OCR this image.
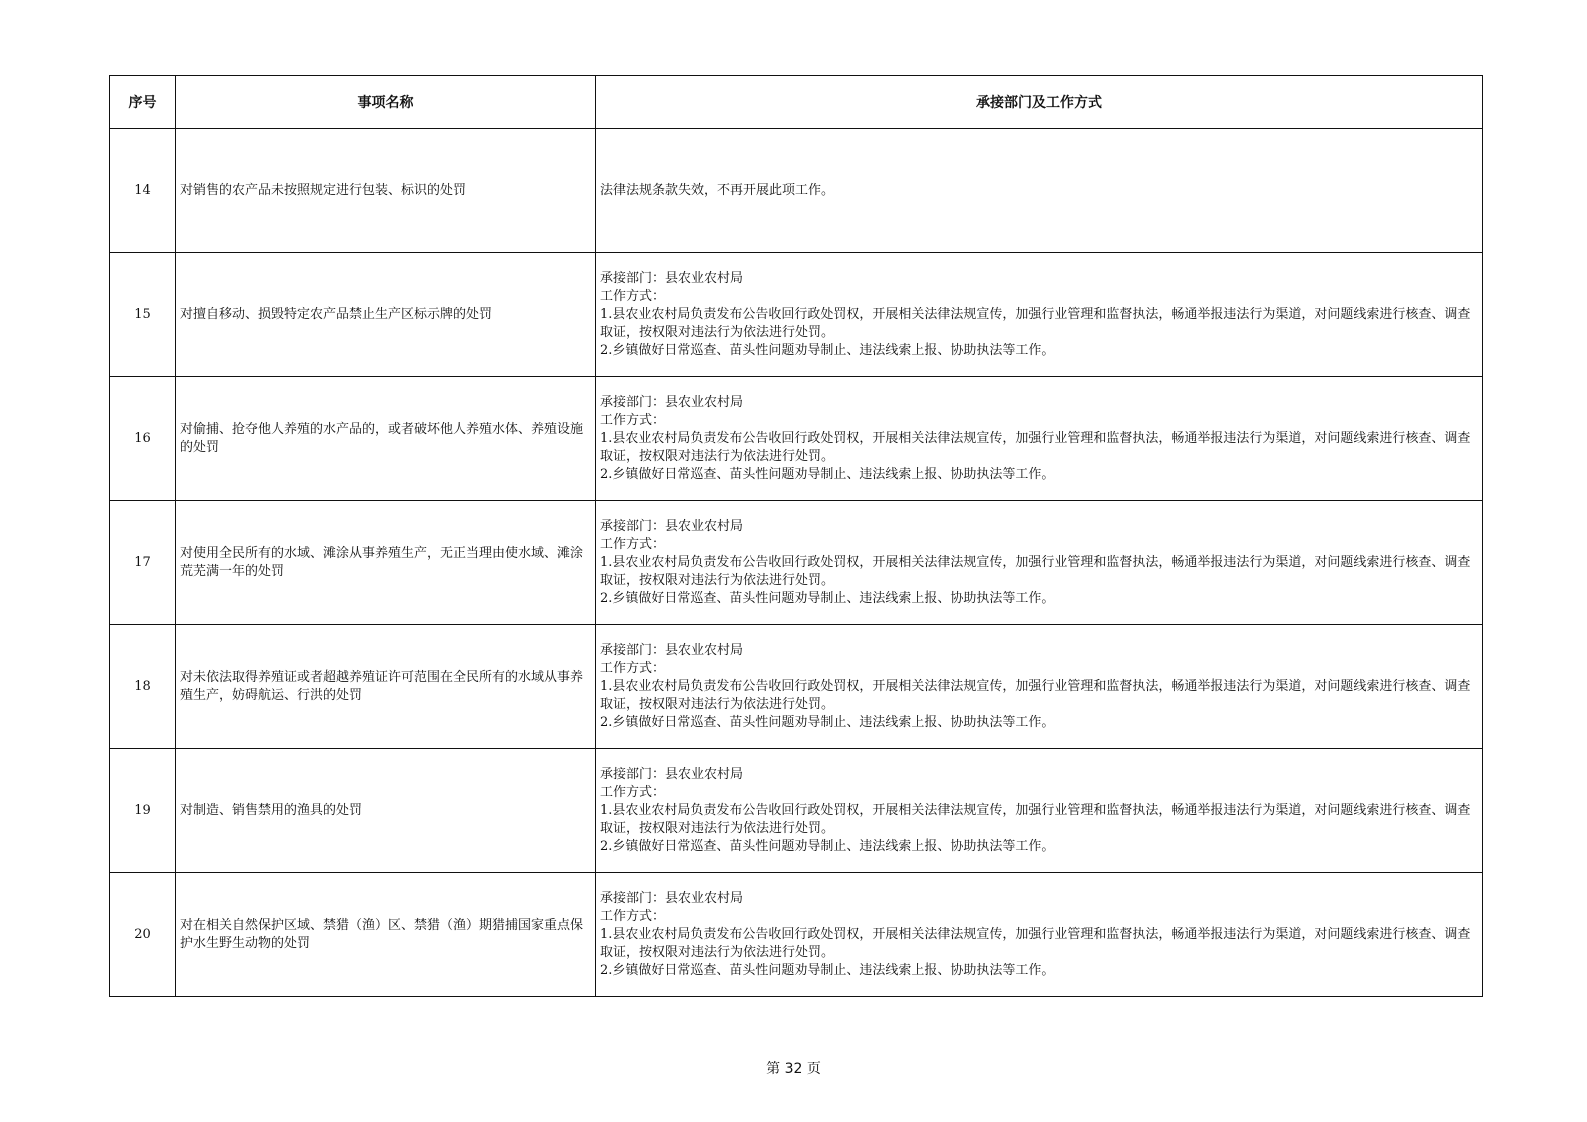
序号	事项名称	承接部门及工作方式
14	对销售的农产品未按照规定进行包装、标识的处罚	法律法规条款失效，不再开展此项工作。

15	对擅自移动、损毁特定农产品禁止生产区标示牌的处罚	承接部门：县农业农村局
工作方式：
1.县农业农村局负责发布公告收回行政处罚权，开展相关法律法规宣传，加强行业管理和监督执法，畅通举报违法行为渠道，对问题线索进行核查、调查取证，按权限对违法行为依法进行处罚。
2.乡镇做好日常巡查、苗头性问题劝导制止、违法线索上报、协助执法等工作。

16	对偷捕、抢夺他人养殖的水产品的，或者破坏他人养殖水体、养殖设施的处罚	承接部门：县农业农村局
工作方式：
1.县农业农村局负责发布公告收回行政处罚权，开展相关法律法规宣传，加强行业管理和监督执法，畅通举报违法行为渠道，对问题线索进行核查、调查取证，按权限对违法行为依法进行处罚。
2.乡镇做好日常巡查、苗头性问题劝导制止、违法线索上报、协助执法等工作。

17	对使用全民所有的水域、滩涂从事养殖生产，无正当理由使水域、滩涂荒芜满一年的处罚	承接部门：县农业农村局
工作方式：
1.县农业农村局负责发布公告收回行政处罚权，开展相关法律法规宣传，加强行业管理和监督执法，畅通举报违法行为渠道，对问题线索进行核查、调查取证，按权限对违法行为依法进行处罚。
2.乡镇做好日常巡查、苗头性问题劝导制止、违法线索上报、协助执法等工作。

18	对未依法取得养殖证或者超越养殖证许可范围在全民所有的水域从事养殖生产，妨碍航运、行洪的处罚	承接部门：县农业农村局
工作方式：
1.县农业农村局负责发布公告收回行政处罚权，开展相关法律法规宣传，加强行业管理和监督执法，畅通举报违法行为渠道，对问题线索进行核查、调查取证，按权限对违法行为依法进行处罚。
2.乡镇做好日常巡查、苗头性问题劝导制止、违法线索上报、协助执法等工作。

19	对制造、销售禁用的渔具的处罚	承接部门：县农业农村局
工作方式：
1.县农业农村局负责发布公告收回行政处罚权，开展相关法律法规宣传，加强行业管理和监督执法，畅通举报违法行为渠道，对问题线索进行核查、调查取证，按权限对违法行为依法进行处罚。
2.乡镇做好日常巡查、苗头性问题劝导制止、违法线索上报、协助执法等工作。

20	对在相关自然保护区域、禁猎（渔）区、禁猎（渔）期猎捕国家重点保护水生野生动物的处罚	承接部门：县农业农村局
工作方式：
1.县农业农村局负责发布公告收回行政处罚权，开展相关法律法规宣传，加强行业管理和监督执法，畅通举报违法行为渠道，对问题线索进行核查、调查取证，按权限对违法行为依法进行处罚。
2.乡镇做好日常巡查、苗头性问题劝导制止、违法线索上报、协助执法等工作。
第 32 页
